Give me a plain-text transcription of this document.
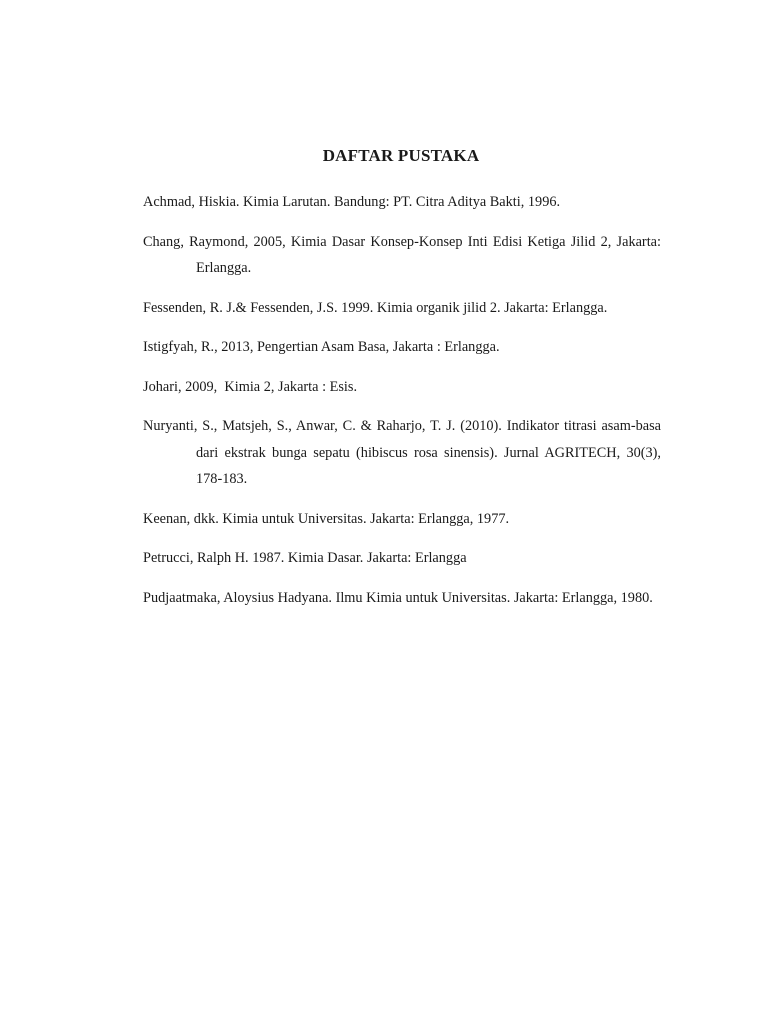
DAFTAR PUSTAKA

Achmad, Hiskia. Kimia Larutan. Bandung: PT. Citra Aditya Bakti, 1996.

Chang, Raymond, 2005, Kimia Dasar Konsep-Konsep Inti Edisi Ketiga Jilid 2, Jakarta: Erlangga.

Fessenden, R. J.& Fessenden, J.S. 1999. Kimia organik jilid 2. Jakarta: Erlangga.

Istigfyah, R., 2013, Pengertian Asam Basa, Jakarta : Erlangga.

Johari, 2009,  Kimia 2, Jakarta : Esis.

Nuryanti, S., Matsjeh, S., Anwar, C. & Raharjo, T. J. (2010). Indikator titrasi asam-basa dari ekstrak bunga sepatu (hibiscus rosa sinensis). Jurnal AGRITECH, 30(3), 178-183.

Keenan, dkk. Kimia untuk Universitas. Jakarta: Erlangga, 1977.

Petrucci, Ralph H. 1987. Kimia Dasar. Jakarta: Erlangga

Pudjaatmaka, Aloysius Hadyana. Ilmu Kimia untuk Universitas. Jakarta: Erlangga, 1980.
